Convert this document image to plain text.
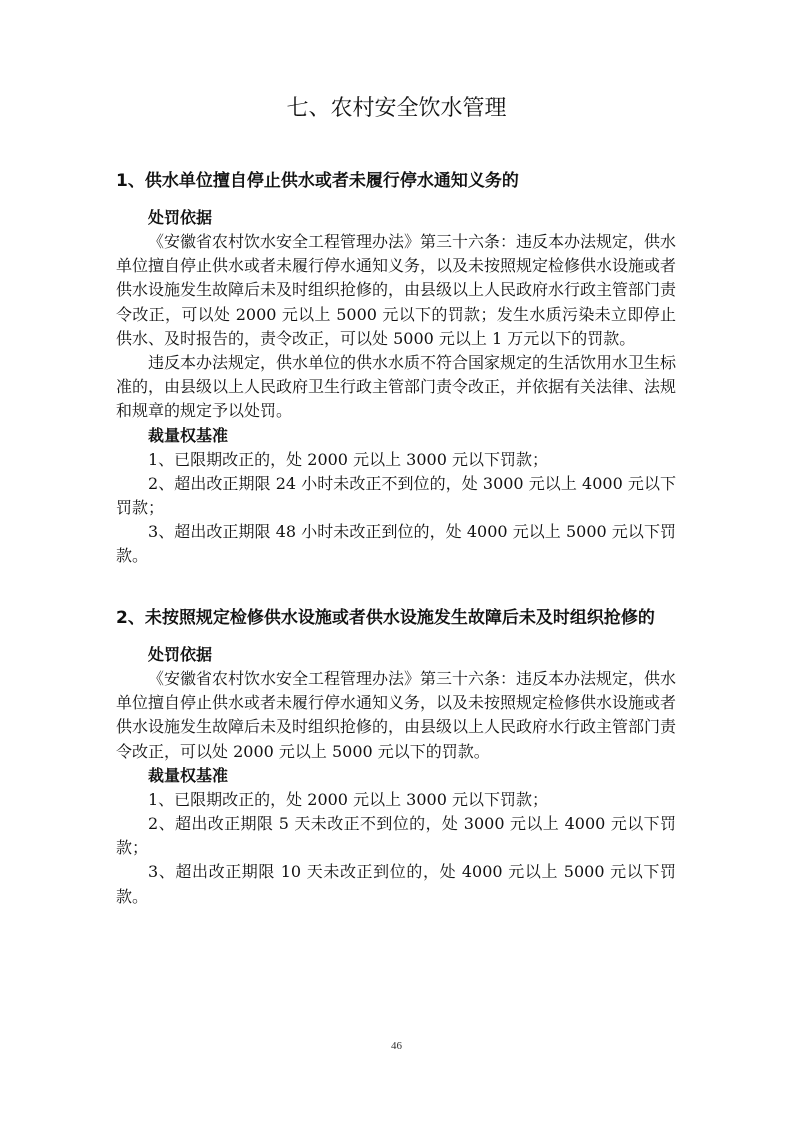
七、农村安全饮水管理

1、供水单位擅自停止供水或者未履行停水通知义务的

处罚依据

《安徽省农村饮水安全工程管理办法》第三十六条：违反本办法规定，供水单位擅自停止供水或者未履行停水通知义务，以及未按照规定检修供水设施或者供水设施发生故障后未及时组织抢修的，由县级以上人民政府水行政主管部门责令改正，可以处 2000 元以上 5000 元以下的罚款；发生水质污染未立即停止供水、及时报告的，责令改正，可以处 5000 元以上 1 万元以下的罚款。

违反本办法规定，供水单位的供水水质不符合国家规定的生活饮用水卫生标准的，由县级以上人民政府卫生行政主管部门责令改正，并依据有关法律、法规和规章的规定予以处罚。

裁量权基准

1、已限期改正的，处 2000 元以上 3000 元以下罚款；

2、超出改正期限 24 小时未改正不到位的，处 3000 元以上 4000 元以下罚款；

3、超出改正期限 48 小时未改正到位的，处 4000 元以上 5000 元以下罚款。

2、未按照规定检修供水设施或者供水设施发生故障后未及时组织抢修的

处罚依据

《安徽省农村饮水安全工程管理办法》第三十六条：违反本办法规定，供水单位擅自停止供水或者未履行停水通知义务，以及未按照规定检修供水设施或者供水设施发生故障后未及时组织抢修的，由县级以上人民政府水行政主管部门责令改正，可以处 2000 元以上 5000 元以下的罚款。

裁量权基准

1、已限期改正的，处 2000 元以上 3000 元以下罚款；

2、超出改正期限 5 天未改正不到位的，处 3000 元以上 4000 元以下罚款；

3、超出改正期限 10 天未改正到位的，处 4000 元以上 5000 元以下罚款。

46
